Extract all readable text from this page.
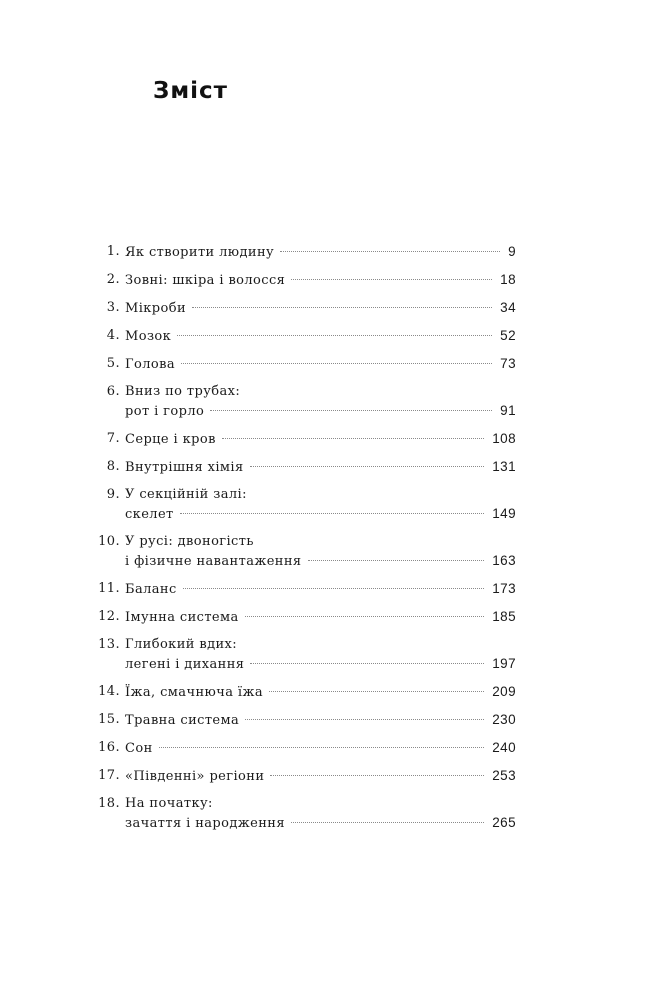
Зміст
1. Як створити людину	9
2. Зовні: шкіра і волосся	18
3. Мікроби	34
4. Мозок	52
5. Голова	73
6. Вниз по трубах:
рот і горло	91
7. Серце і кров	108
8. Внутрішня хімія	131
9. У секційній залі:
скелет	149
10. У русі: двоногість
і фізичне навантаження	163
11. Баланс	173
12. Імунна система	185
13. Глибокий вдих:
легені і дихання	197
14. Їжа, смачнюча їжа	209
15. Травна система	230
16. Сон	240
17. «Південні» регіони	253
18. На початку:
зачаття і народження	265
